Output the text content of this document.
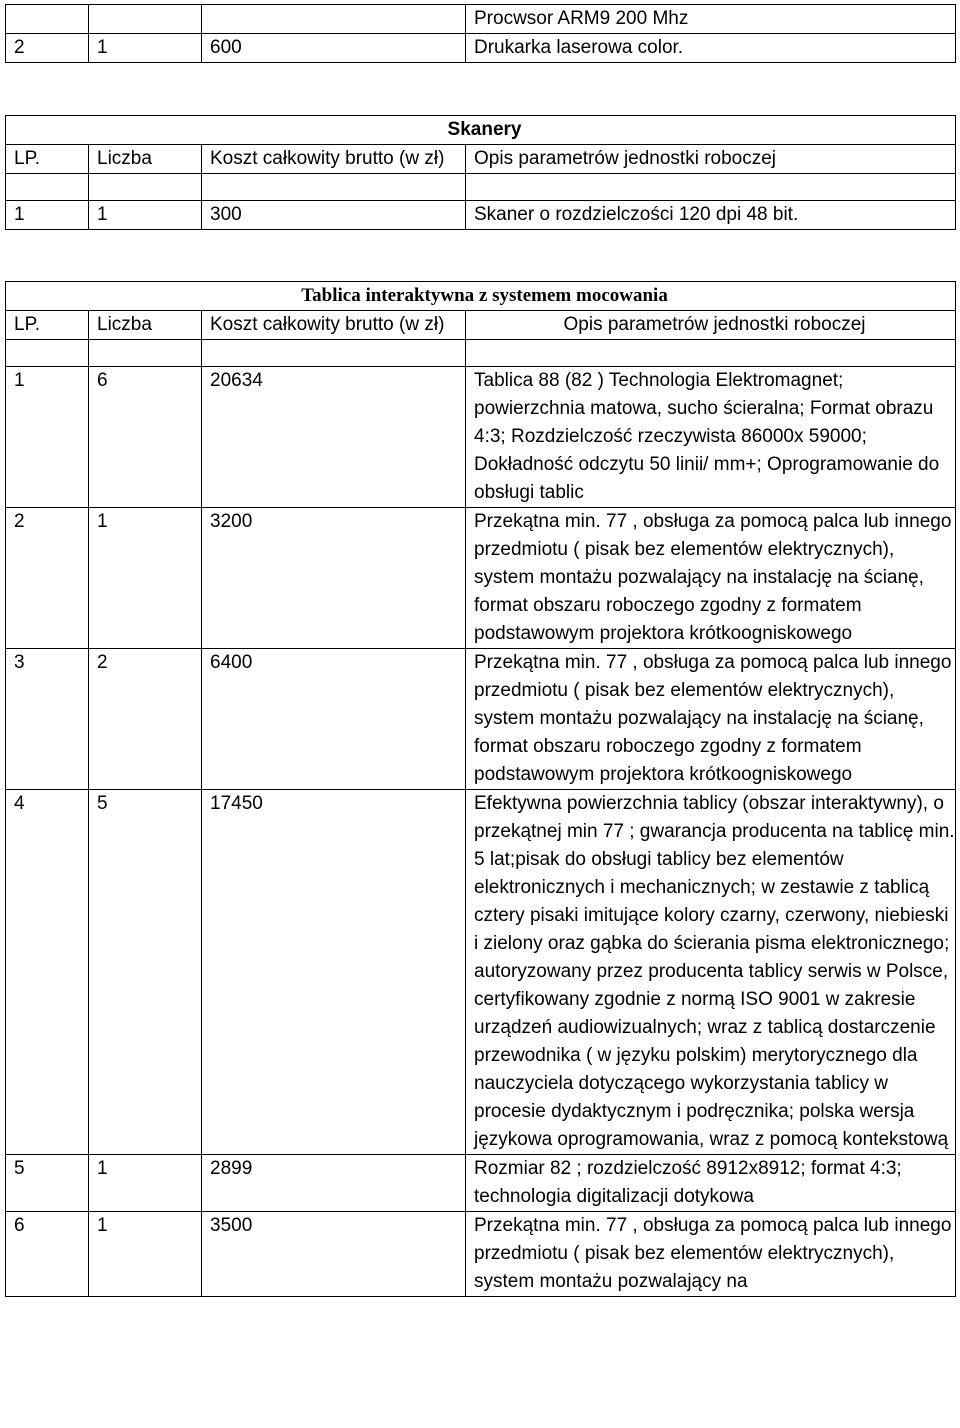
			Procwsor ARM9 200 Mhz
2	1	600	Drukarka laserowa color.
Skanery			
LP.	Liczba	Koszt całkowity brutto (w zł)	Opis parametrów jednostki roboczej

1	1	300	Skaner o rozdzielczości 120 dpi 48 bit.
Tablica interaktywna z systemem mocowania			
LP.	Liczba	Koszt całkowity brutto (w zł)	Opis parametrów jednostki roboczej

1	6	20634	Tablica 88 (82 ) Technologia Elektromagnet; powierzchnia matowa, sucho ścieralna; Format obrazu 4:3; Rozdzielczość rzeczywista 86000x 59000; Dokładność odczytu 50 linii/ mm+; Oprogramowanie do obsługi tablic
2	1	3200	Przekątna min. 77 , obsługa za pomocą palca lub innego przedmiotu ( pisak bez elementów elektrycznych), system montażu pozwalający na instalację na ścianę, format obszaru roboczego zgodny z formatem podstawowym projektora krótkoogniskowego
3	2	6400	Przekątna min. 77 , obsługa za pomocą palca lub innego przedmiotu ( pisak bez elementów elektrycznych), system montażu pozwalający na instalację na ścianę, format obszaru roboczego zgodny z formatem podstawowym projektora krótkoogniskowego
4	5	17450	Efektywna powierzchnia tablicy (obszar interaktywny), o przekątnej min 77 ; gwarancja producenta na tablicę min. 5 lat;pisak do obsługi tablicy bez elementów elektronicznych i mechanicznych; w zestawie z tablicą cztery pisaki imitujące kolory czarny, czerwony, niebieski i zielony oraz gąbka do ścierania pisma elektronicznego; autoryzowany przez producenta tablicy serwis w Polsce, certyfikowany zgodnie z normą ISO 9001 w zakresie urządzeń audiowizualnych; wraz z tablicą dostarczenie przewodnika ( w języku polskim) merytorycznego dla nauczyciela dotyczącego wykorzystania tablicy w procesie dydaktycznym i podręcznika; polska wersja językowa oprogramowania, wraz z pomocą kontekstową
5	1	2899	Rozmiar 82 ; rozdzielczość 8912x8912; format 4:3; technologia digitalizacji dotykowa
6	1	3500	Przekątna min. 77 , obsługa za pomocą palca lub innego przedmiotu ( pisak bez elementów elektrycznych), system montażu pozwalający na
